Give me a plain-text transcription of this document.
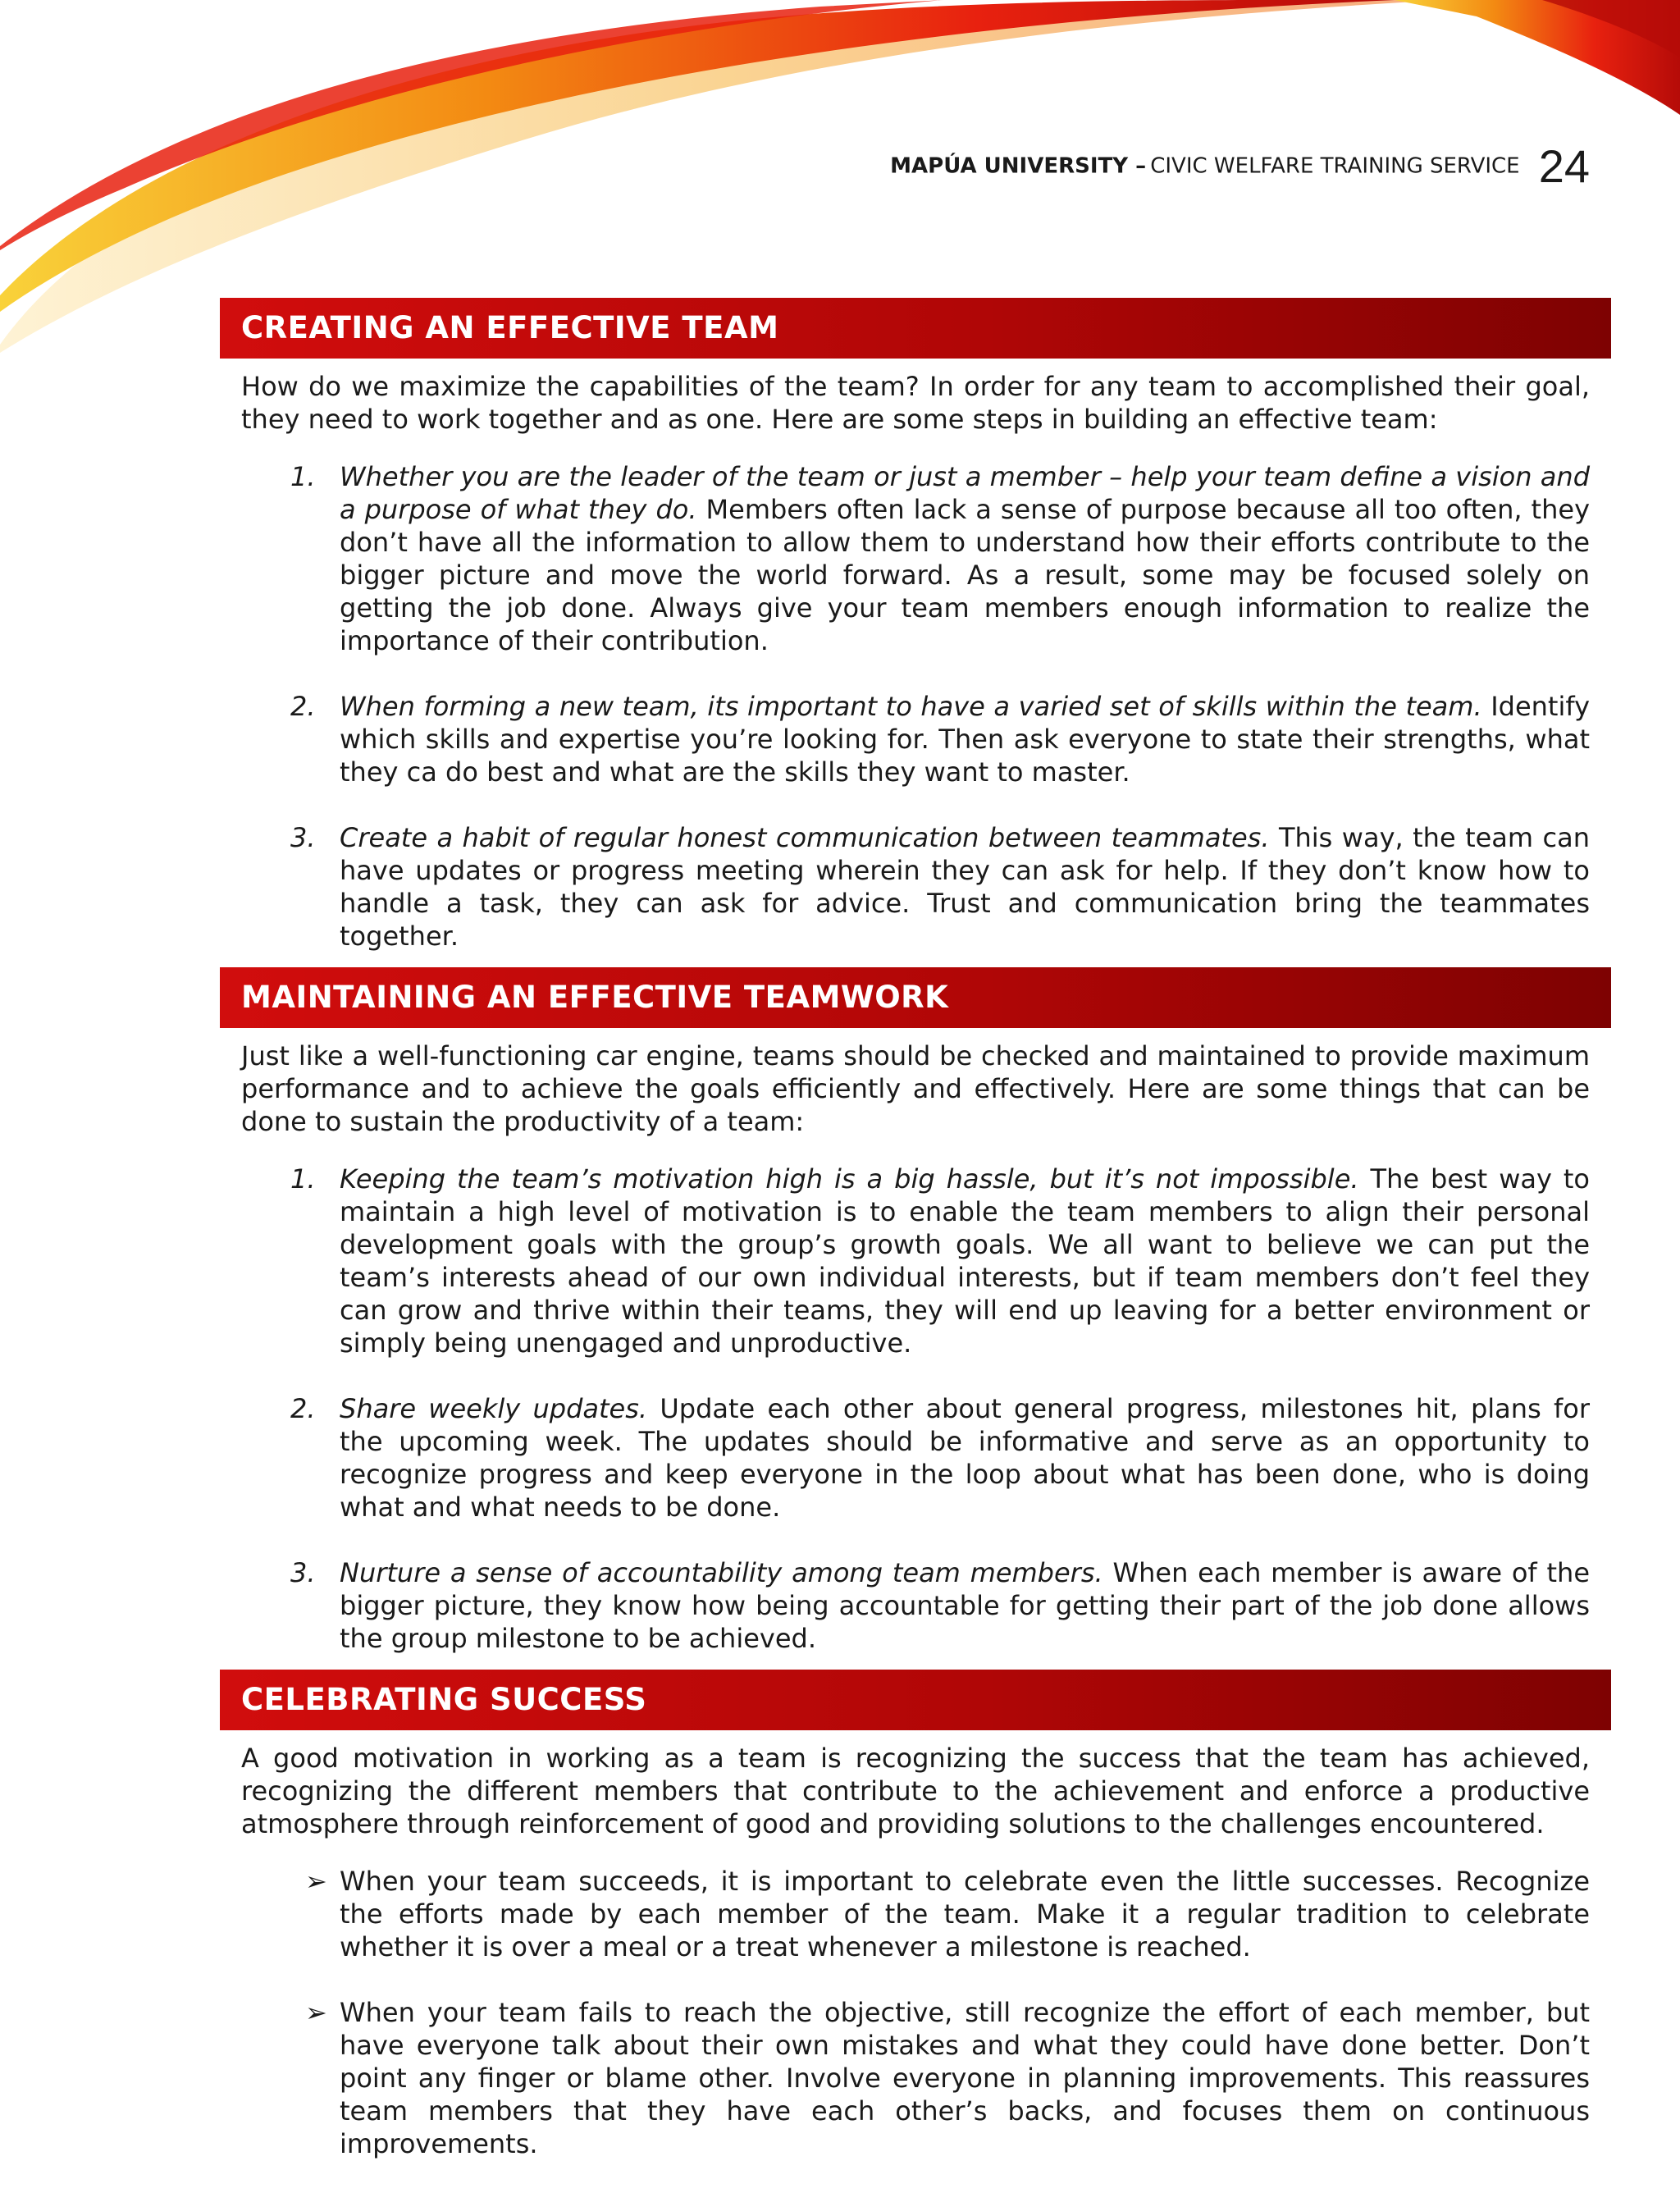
MAPÚA UNIVERSITY – CIVIC WELFARE TRAINING SERVICE 24
CREATING AN EFFECTIVE TEAM

How do we maximize the capabilities of the team? In order for any team to accomplished their goal, they need to work together and as one. Here are some steps in building an effective team:

1. Whether you are the leader of the team or just a member – help your team define a vision and a purpose of what they do. Members often lack a sense of purpose because all too often, they don’t have all the information to allow them to understand how their efforts contribute to the bigger picture and move the world forward. As a result, some may be focused solely on getting the job done. Always give your team members enough information to realize the importance of their contribution.
2. When forming a new team, its important to have a varied set of skills within the team. Identify which skills and expertise you’re looking for. Then ask everyone to state their strengths, what they ca do best and what are the skills they want to master.
3. Create a habit of regular honest communication between teammates. This way, the team can have updates or progress meeting wherein they can ask for help. If they don’t know how to handle a task, they can ask for advice. Trust and communication bring the teammates together.
MAINTAINING AN EFFECTIVE TEAMWORK

Just like a well-functioning car engine, teams should be checked and maintained to provide maximum performance and to achieve the goals efficiently and effectively. Here are some things that can be done to sustain the productivity of a team:

1. Keeping the team’s motivation high is a big hassle, but it’s not impossible. The best way to maintain a high level of motivation is to enable the team members to align their personal development goals with the group’s growth goals. We all want to believe we can put the team’s interests ahead of our own individual interests, but if team members don’t feel they can grow and thrive within their teams, they will end up leaving for a better environment or simply being unengaged and unproductive.
2. Share weekly updates. Update each other about general progress, milestones hit, plans for the upcoming week. The updates should be informative and serve as an opportunity to recognize progress and keep everyone in the loop about what has been done, who is doing what and what needs to be done.
3. Nurture a sense of accountability among team members. When each member is aware of the bigger picture, they know how being accountable for getting their part of the job done allows the group milestone to be achieved.
CELEBRATING SUCCESS

A good motivation in working as a team is recognizing the success that the team has achieved, recognizing the different members that contribute to the achievement and enforce a productive atmosphere through reinforcement of good and providing solutions to the challenges encountered.

➢ When your team succeeds, it is important to celebrate even the little successes. Recognize the efforts made by each member of the team. Make it a regular tradition to celebrate whether it is over a meal or a treat whenever a milestone is reached.
➢ When your team fails to reach the objective, still recognize the effort of each member, but have everyone talk about their own mistakes and what they could have done better. Don’t point any finger or blame other. Involve everyone in planning improvements. This reassures team members that they have each other’s backs, and focuses them on continuous improvements.
